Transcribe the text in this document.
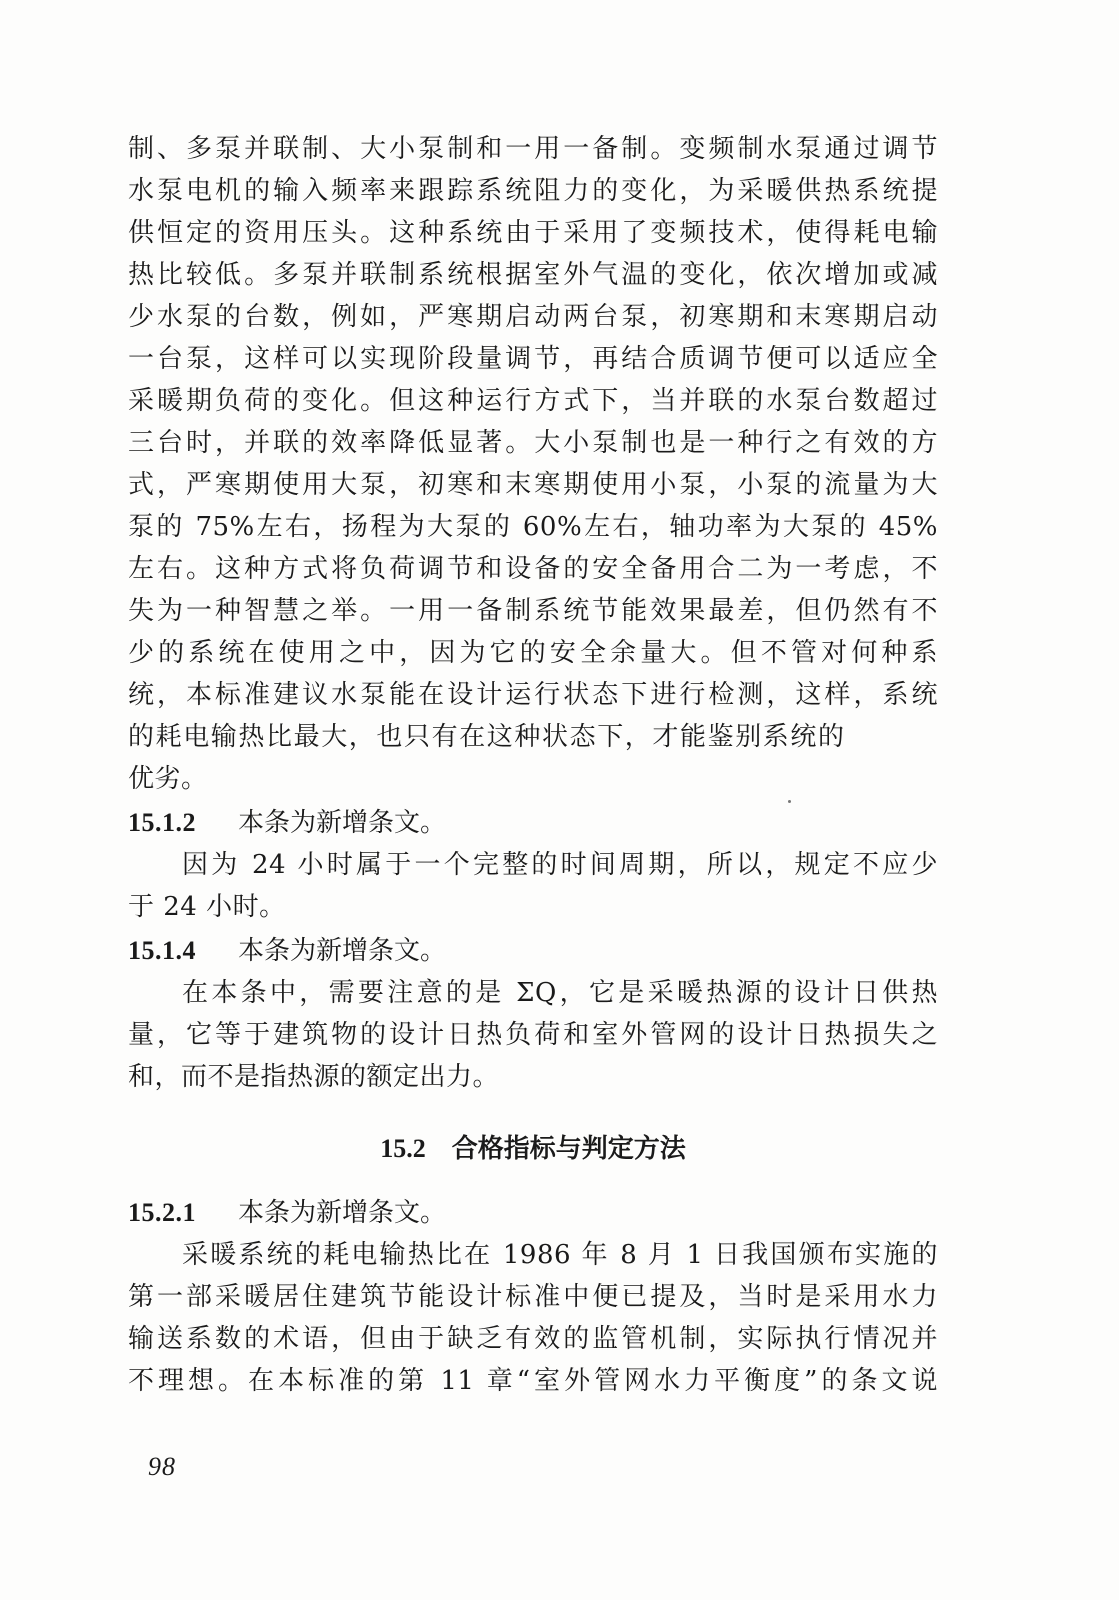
制、多泵并联制、大小泵制和一用一备制。变频制水泵通过调节
水泵电机的输入频率来跟踪系统阻力的变化，为采暖供热系统提
供恒定的资用压头。这种系统由于采用了变频技术，使得耗电输
热比较低。多泵并联制系统根据室外气温的变化，依次增加或减
少水泵的台数，例如，严寒期启动两台泵，初寒期和末寒期启动
一台泵，这样可以实现阶段量调节，再结合质调节便可以适应全
采暖期负荷的变化。但这种运行方式下，当并联的水泵台数超过
三台时，并联的效率降低显著。大小泵制也是一种行之有效的方
式，严寒期使用大泵，初寒和末寒期使用小泵，小泵的流量为大
泵的 75%左右，扬程为大泵的 60%左右，轴功率为大泵的 45%
左右。这种方式将负荷调节和设备的安全备用合二为一考虑，不
失为一种智慧之举。一用一备制系统节能效果最差，但仍然有不
少的系统在使用之中，因为它的安全余量大。但不管对何种系
统，本标准建议水泵能在设计运行状态下进行检测，这样，系统
的耗电输热比最大，也只有在这种状态下，才能鉴别系统的
优劣。
15.1.2 本条为新增条文。
因为 24 小时属于一个完整的时间周期，所以，规定不应少
于 24 小时。
15.1.4 本条为新增条文。
在本条中，需要注意的是 ΣQ，它是采暖热源的设计日供热
量，它等于建筑物的设计日热负荷和室外管网的设计日热损失之
和，而不是指热源的额定出力。
15.2 合格指标与判定方法
15.2.1 本条为新增条文。
采暖系统的耗电输热比在 1986 年 8 月 1 日我国颁布实施的
第一部采暖居住建筑节能设计标准中便已提及，当时是采用水力
输送系数的术语，但由于缺乏有效的监管机制，实际执行情况并
不理想。在本标准的第 11 章“室外管网水力平衡度”的条文说
98
